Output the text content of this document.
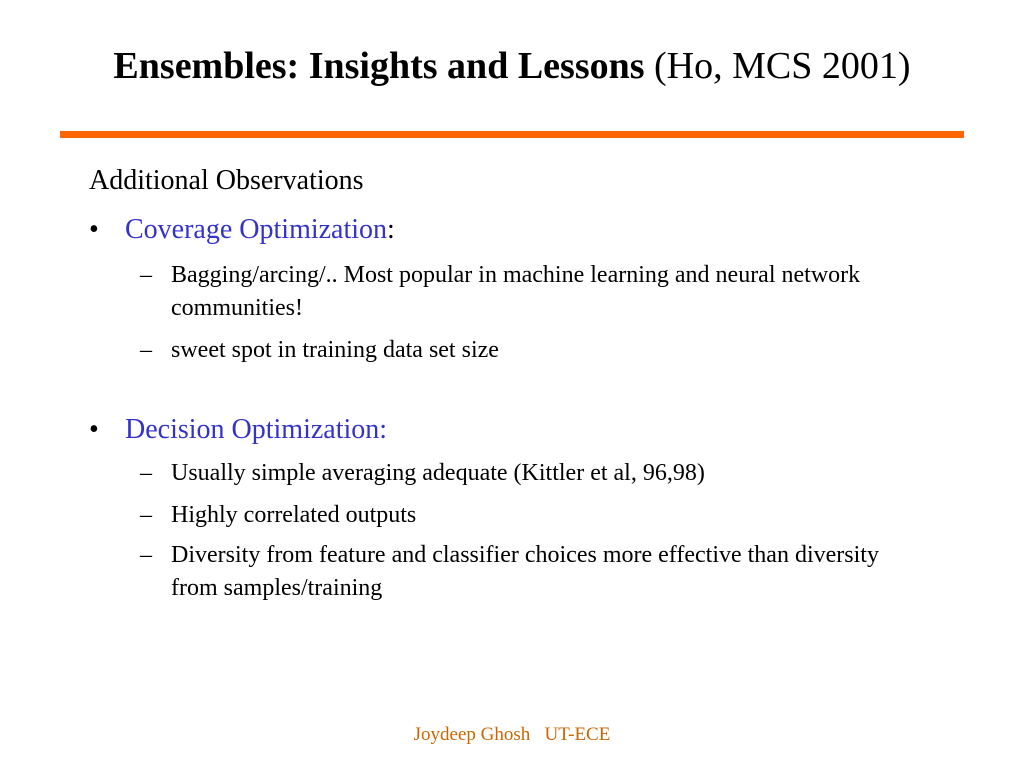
Ensembles: Insights and Lessons (Ho, MCS 2001)
Additional Observations
• Coverage Optimization:
– Bagging/arcing/.. Most popular in machine learning and neural network communities!
– sweet spot in training data set size
• Decision Optimization:
– Usually simple averaging adequate (Kittler et al, 96,98)
– Highly correlated outputs
– Diversity from feature and classifier choices more effective than diversity from samples/training
Joydeep Ghosh   UT-ECE
